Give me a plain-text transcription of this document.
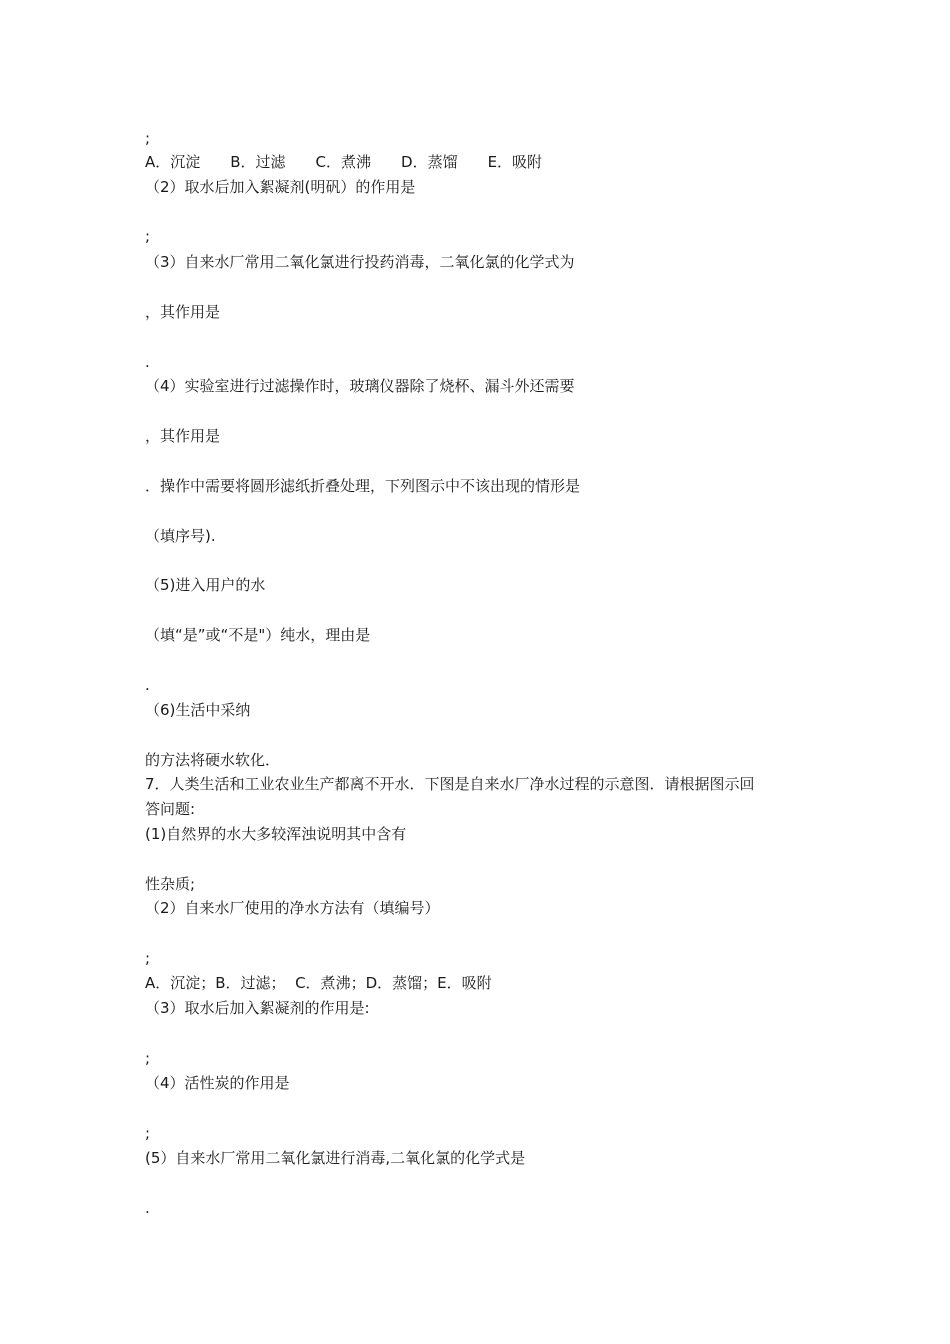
;
A．沉淀　　B．过滤　　C．煮沸　　D．蒸馏　　E．吸附
（2）取水后加入絮凝剂(明矾）的作用是
;
（3）自来水厂常用二氧化氯进行投药消毒，二氧化氯的化学式为
，其作用是
.
（4）实验室进行过滤操作时，玻璃仪器除了烧杯、漏斗外还需要
，其作用是
．操作中需要将圆形滤纸折叠处理，下列图示中不该出现的情形是
（填序号).
（5)进入用户的水
（填“是”或“不是"）纯水，理由是
.
（6)生活中采纳
的方法将硬水软化．
7．人类生活和工业农业生产都离不开水．下图是自来水厂净水过程的示意图．请根据图示回
答问题:
(1)自然界的水大多较浑浊说明其中含有
性杂质;
（2）自来水厂使用的净水方法有（填编号）
;
A．沉淀；B．过滤；  C．煮沸；D．蒸馏；E．吸附
（3）取水后加入絮凝剂的作用是:
;
（4）活性炭的作用是
;
(5）自来水厂常用二氧化氯进行消毒,二氧化氯的化学式是
.
